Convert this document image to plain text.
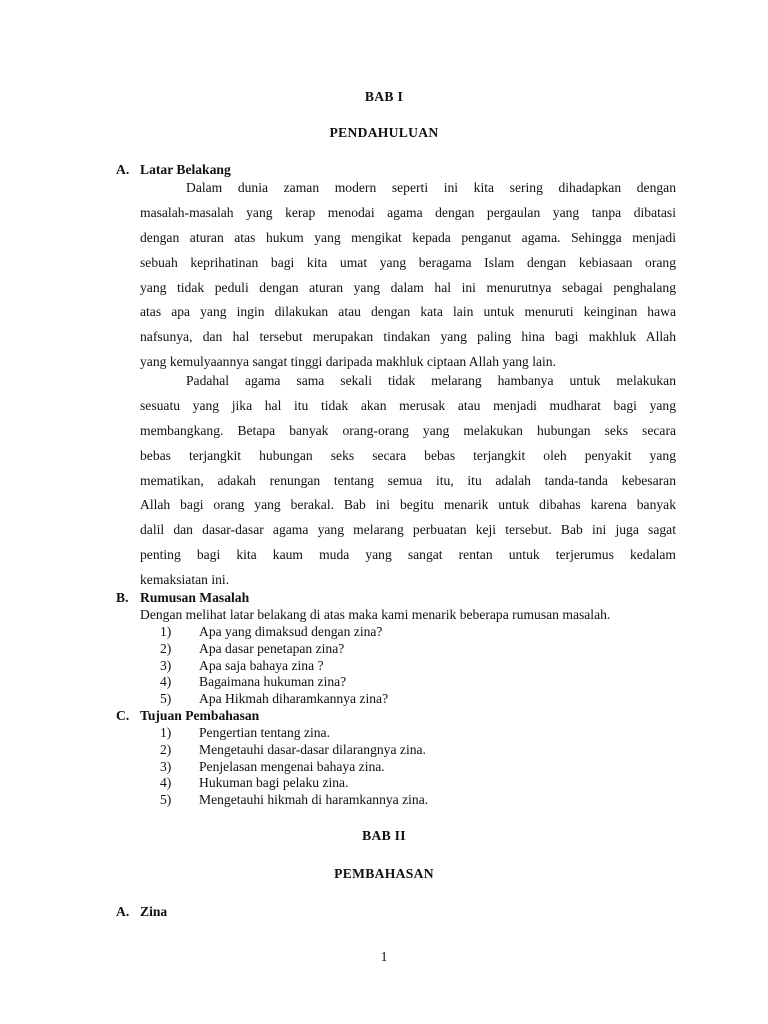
BAB I
PENDAHULUAN
A. Latar Belakang
Dalam dunia zaman modern seperti ini kita sering dihadapkan dengan
masalah-masalah yang kerap menodai agama dengan pergaulan yang tanpa dibatasi
dengan aturan atas hukum yang mengikat kepada penganut agama. Sehingga menjadi
sebuah keprihatinan bagi kita umat yang beragama Islam dengan kebiasaan orang
yang tidak peduli dengan aturan yang dalam hal ini menurutnya sebagai penghalang
atas apa yang ingin dilakukan atau dengan kata lain untuk menuruti keinginan hawa
nafsunya, dan hal tersebut merupakan tindakan yang paling hina bagi makhluk Allah
yang kemulyaannya sangat tinggi daripada makhluk ciptaan Allah yang lain.
Padahal agama sama sekali tidak melarang hambanya untuk melakukan
sesuatu yang jika hal itu tidak akan merusak atau menjadi mudharat bagi yang
membangkang. Betapa banyak orang-orang yang melakukan hubungan seks secara
bebas terjangkit hubungan seks secara bebas terjangkit oleh penyakit yang
mematikan, adakah renungan tentang semua itu, itu adalah tanda-tanda kebesaran
Allah bagi orang yang berakal. Bab ini begitu menarik untuk dibahas karena banyak
dalil dan dasar-dasar agama yang melarang perbuatan keji tersebut. Bab ini juga sagat
penting bagi kita kaum muda yang sangat rentan untuk terjerumus kedalam
kemaksiatan ini.
B. Rumusan Masalah
Dengan melihat latar belakang di atas maka kami menarik beberapa rumusan masalah.
1) Apa yang dimaksud dengan zina?
2) Apa dasar penetapan zina?
3) Apa saja bahaya zina ?
4) Bagaimana hukuman zina?
5) Apa Hikmah diharamkannya zina?
C. Tujuan Pembahasan
1) Pengertian tentang zina.
2) Mengetauhi dasar-dasar dilarangnya zina.
3) Penjelasan mengenai bahaya zina.
4) Hukuman bagi pelaku zina.
5) Mengetauhi hikmah di haramkannya zina.
BAB II
PEMBAHASAN
A. Zina
1
